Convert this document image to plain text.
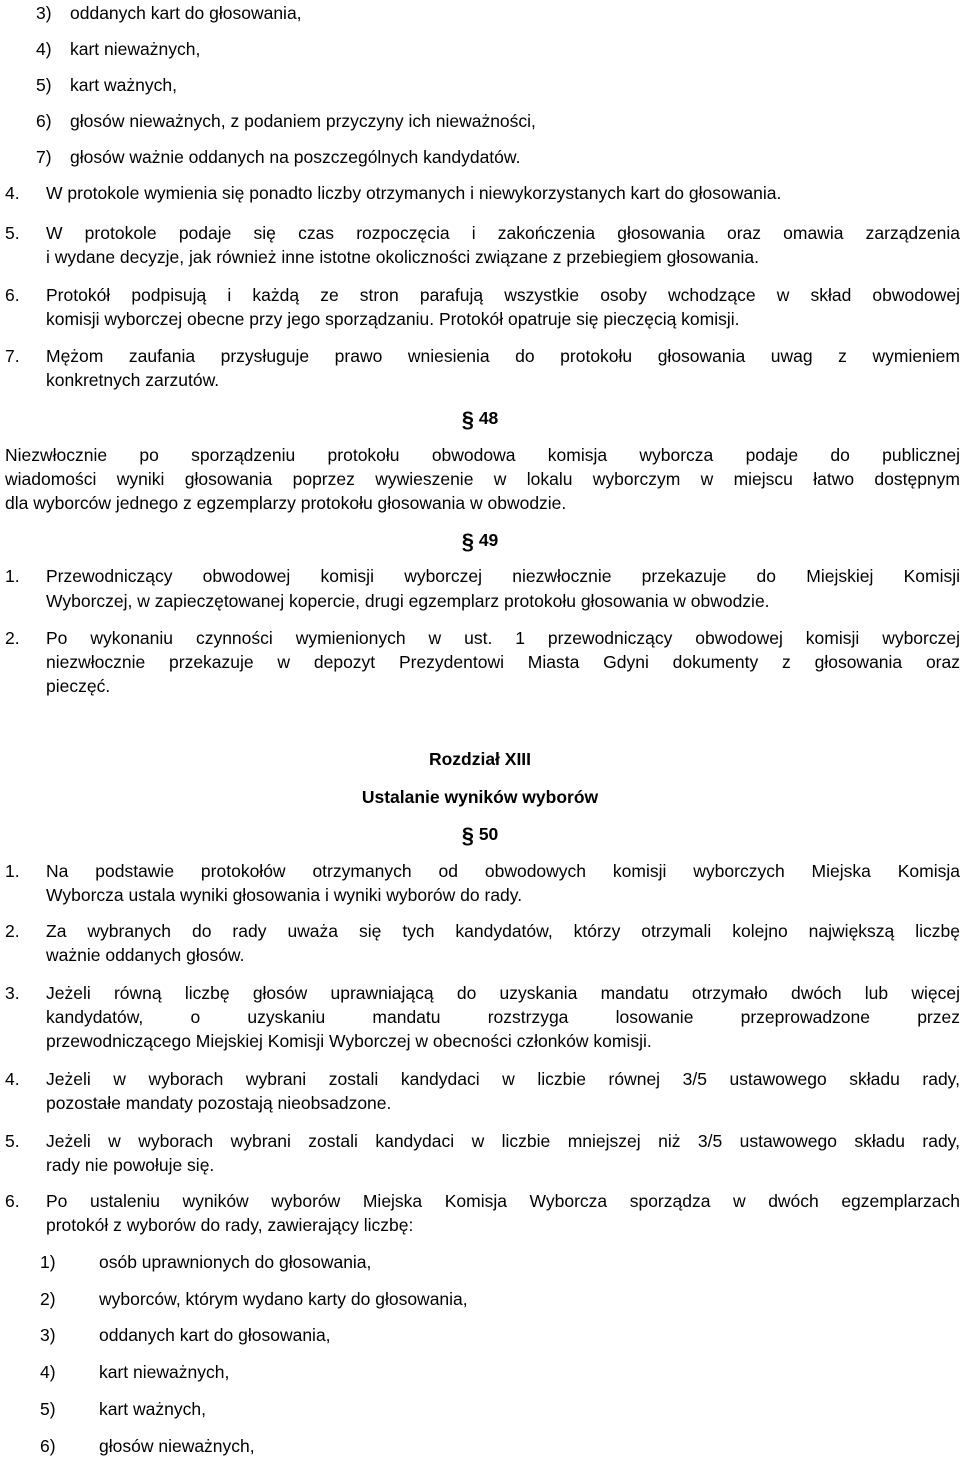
3) oddanych kart do głosowania,
4) kart nieważnych,
5) kart ważnych,
6) głosów nieważnych, z podaniem przyczyny ich nieważności,
7) głosów ważnie oddanych na poszczególnych kandydatów.
4. W protokole wymienia się ponadto liczby otrzymanych i niewykorzystanych kart do głosowania.
5. W protokole podaje się czas rozpoczęcia i zakończenia głosowania oraz omawia zarządzenia
i wydane decyzje, jak również inne istotne okoliczności związane z przebiegiem głosowania.
6. Protokół podpisują i każdą ze stron parafują wszystkie osoby wchodzące w skład obwodowej
komisji wyborczej obecne przy jego sporządzaniu. Protokół opatruje się pieczęcią komisji.
7. Mężom zaufania przysługuje prawo wniesienia do protokołu głosowania uwag z wymieniem
konkretnych zarzutów.
§ 48
Niezwłocznie po sporządzeniu protokołu obwodowa komisja wyborcza podaje do publicznej
wiadomości wyniki głosowania poprzez wywieszenie w lokalu wyborczym w miejscu łatwo dostępnym
dla wyborców jednego z egzemplarzy protokołu głosowania w obwodzie.
§ 49
1. Przewodniczący obwodowej komisji wyborczej niezwłocznie przekazuje do Miejskiej Komisji
Wyborczej, w zapieczętowanej kopercie, drugi egzemplarz protokołu głosowania w obwodzie.
2. Po wykonaniu czynności wymienionych w ust. 1 przewodniczący obwodowej komisji wyborczej
niezwłocznie przekazuje w depozyt Prezydentowi Miasta Gdyni dokumenty z głosowania oraz
pieczęć.
Rozdział XIII
Ustalanie wyników wyborów
§ 50
1. Na podstawie protokołów otrzymanych od obwodowych komisji wyborczych Miejska Komisja
Wyborcza ustala wyniki głosowania i wyniki wyborów do rady.
2. Za wybranych do rady uważa się tych kandydatów, którzy otrzymali kolejno największą liczbę
ważnie oddanych głosów.
3. Jeżeli równą liczbę głosów uprawniającą do uzyskania mandatu otrzymało dwóch lub więcej
kandydatów, o uzyskaniu mandatu rozstrzyga losowanie przeprowadzone przez
przewodniczącego Miejskiej Komisji Wyborczej w obecności członków komisji.
4. Jeżeli w wyborach wybrani zostali kandydaci w liczbie równej 3/5 ustawowego składu rady,
pozostałe mandaty pozostają nieobsadzone.
5. Jeżeli w wyborach wybrani zostali kandydaci w liczbie mniejszej niż 3/5 ustawowego składu rady,
rady nie powołuje się.
6. Po ustaleniu wyników wyborów Miejska Komisja Wyborcza sporządza w dwóch egzemplarzach
protokół z wyborów do rady, zawierający liczbę:
1) osób uprawnionych do głosowania,
2) wyborców, którym wydano karty do głosowania,
3) oddanych kart do głosowania,
4) kart nieważnych,
5) kart ważnych,
6) głosów nieważnych,
